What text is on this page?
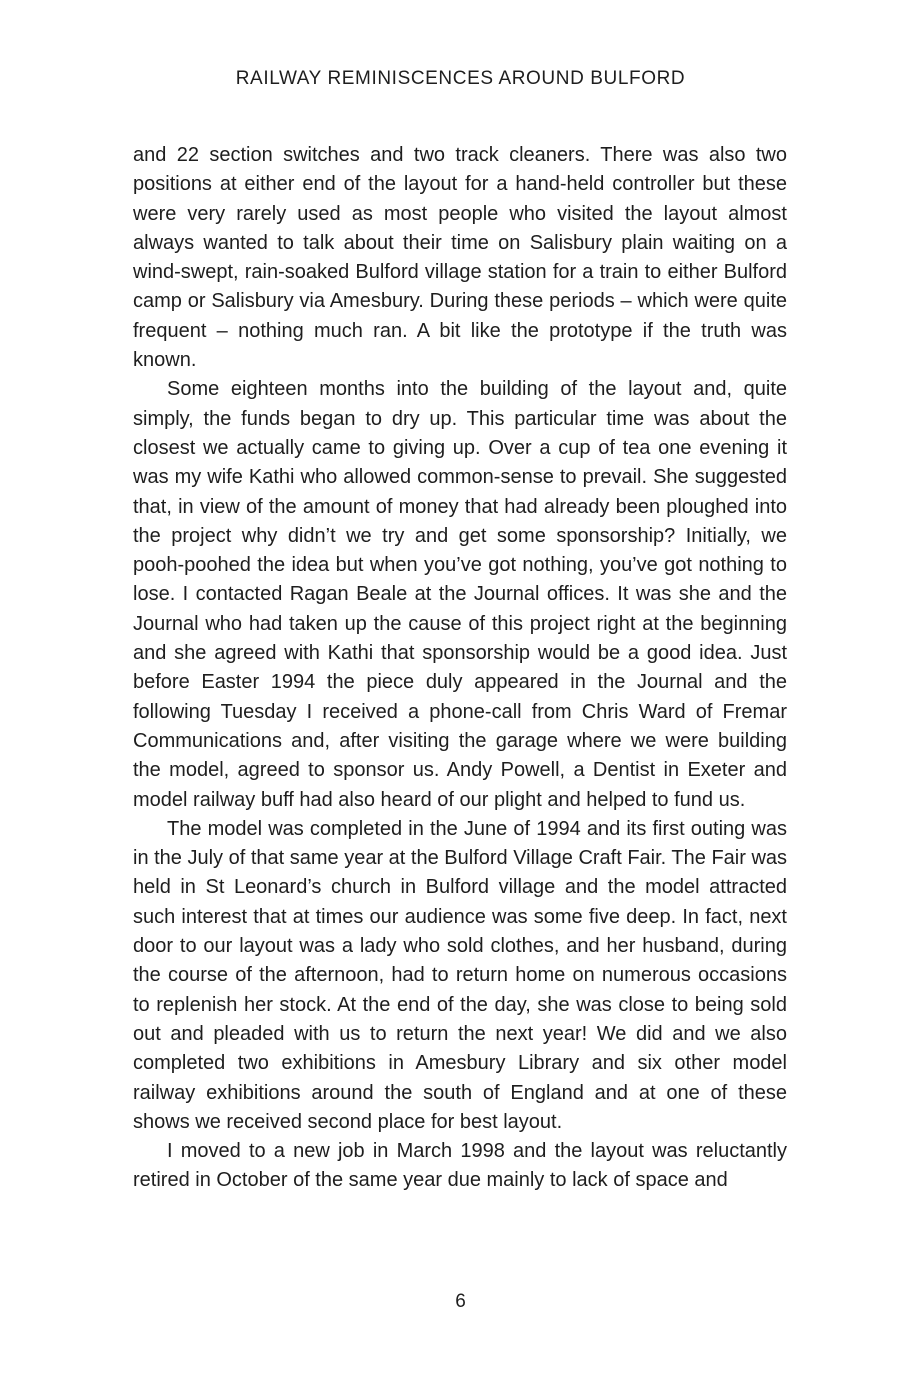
RAILWAY REMINISCENCES AROUND BULFORD

and 22 section switches and two track cleaners. There was also two positions at either end of the layout for a hand-held controller but these were very rarely used as most people who visited the layout almost always wanted to talk about their time on Salisbury plain waiting on a wind-swept, rain-soaked Bulford village station for a train to either Bulford camp or Salisbury via Amesbury. During these periods – which were quite frequent – nothing much ran. A bit like the prototype if the truth was known.

Some eighteen months into the building of the layout and, quite simply, the funds began to dry up. This particular time was about the closest we actually came to giving up. Over a cup of tea one evening it was my wife Kathi who allowed common-sense to prevail. She suggested that, in view of the amount of money that had already been ploughed into the project why didn’t we try and get some sponsorship? Initially, we pooh-poohed the idea but when you’ve got nothing, you’ve got nothing to lose. I contacted Ragan Beale at the Journal offices. It was she and the Journal who had taken up the cause of this project right at the beginning and she agreed with Kathi that sponsorship would be a good idea. Just before Easter 1994 the piece duly appeared in the Journal and the following Tuesday I received a phone-call from Chris Ward of Fremar Communications and, after visiting the garage where we were building the model, agreed to sponsor us. Andy Powell, a Dentist in Exeter and model railway buff had also heard of our plight and helped to fund us.

The model was completed in the June of 1994 and its first outing was in the July of that same year at the Bulford Village Craft Fair. The Fair was held in St Leonard’s church in Bulford village and the model attracted such interest that at times our audience was some five deep. In fact, next door to our layout was a lady who sold clothes, and her husband, during the course of the afternoon, had to return home on numerous occasions to replenish her stock. At the end of the day, she was close to being sold out and pleaded with us to return the next year! We did and we also completed two exhibitions in Amesbury Library and six other model railway exhibitions around the south of England and at one of these shows we received second place for best layout.

I moved to a new job in March 1998 and the layout was reluctantly retired in October of the same year due mainly to lack of space and

6
